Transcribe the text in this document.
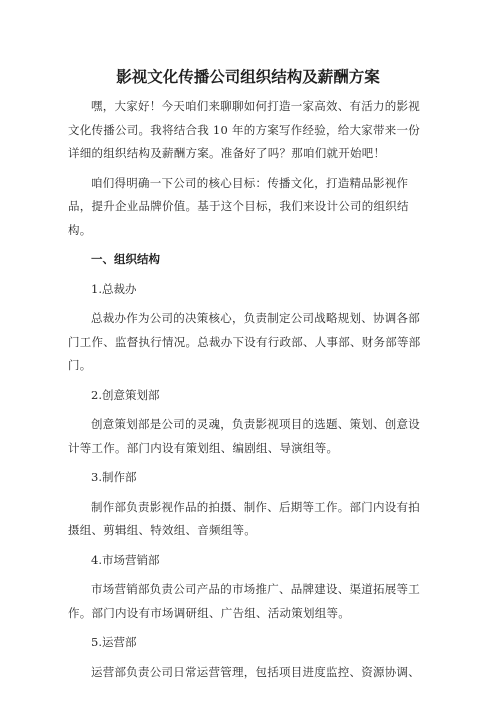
影视文化传播公司组织结构及薪酬方案

嘿，大家好！今天咱们来聊聊如何打造一家高效、有活力的影视文化传播公司。我将结合我 10 年的方案写作经验，给大家带来一份详细的组织结构及薪酬方案。准备好了吗？那咱们就开始吧！

咱们得明确一下公司的核心目标：传播文化，打造精品影视作品，提升企业品牌价值。基于这个目标，我们来设计公司的组织结构。

一、组织结构

1.总裁办

总裁办作为公司的决策核心，负责制定公司战略规划、协调各部门工作、监督执行情况。总裁办下设有行政部、人事部、财务部等部门。

2.创意策划部

创意策划部是公司的灵魂，负责影视项目的选题、策划、创意设计等工作。部门内设有策划组、编剧组、导演组等。

3.制作部

制作部负责影视作品的拍摄、制作、后期等工作。部门内设有拍摄组、剪辑组、特效组、音频组等。

4.市场营销部

市场营销部负责公司产品的市场推广、品牌建设、渠道拓展等工作。部门内设有市场调研组、广告组、活动策划组等。

5.运营部

运营部负责公司日常运营管理，包括项目进度监控、资源协调、
